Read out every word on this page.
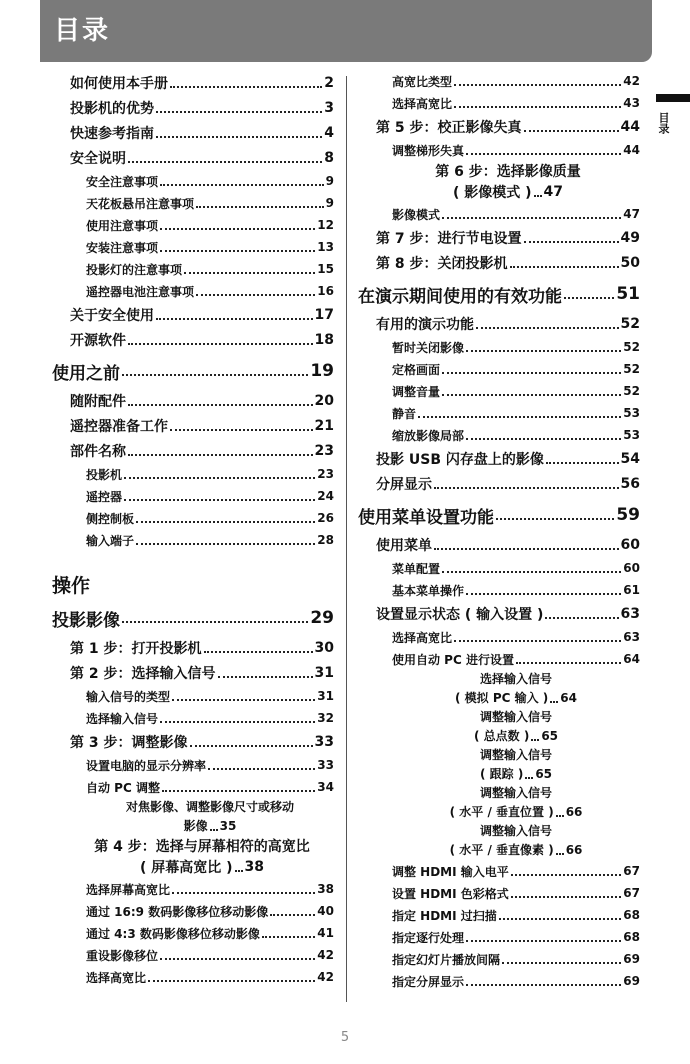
目录
目录
如何使用本手册	2
投影机的优势	3
快速参考指南	4
安全说明	8
安全注意事项	9
天花板悬吊注意事项	9
使用注意事项	12
安装注意事项	13
投影灯的注意事项	15
遥控器电池注意事项	16
关于安全使用	17
开源软件	18
使用之前	19
随附配件	20
遥控器准备工作	21
部件名称	23
投影机	23
遥控器	24
侧控制板	26
输入端子	28
操作
投影影像	29
第 1 步：打开投影机	30
第 2 步：选择输入信号	31
输入信号的类型	31
选择输入信号	32
第 3 步：调整影像	33
设置电脑的显示分辨率	33
自动 PC 调整	34
对焦影像、调整影像尺寸或移动
影像 35
第 4 步：选择与屏幕相符的高宽比
( 屏幕高宽比 ) 38
选择屏幕高宽比	38
通过 16:9 数码影像移位移动影像	40
通过 4:3 数码影像移位移动影像	41
重设影像移位	42
选择高宽比	42
高宽比类型	42
选择高宽比	43
第 5 步：校正影像失真	44
调整梯形失真	44
第 6 步：选择影像质量
( 影像模式 ) 47
影像模式	47
第 7 步：进行节电设置	49
第 8 步：关闭投影机	50
在演示期间使用的有效功能	51
有用的演示功能	52
暂时关闭影像	52
定格画面	52
调整音量	52
静音	53
缩放影像局部	53
投影 USB 闪存盘上的影像	54
分屏显示	56
使用菜单设置功能	59
使用菜单	60
菜单配置	60
基本菜单操作	61
设置显示状态 ( 输入设置 )	63
选择高宽比	63
使用自动 PC 进行设置	64
选择输入信号
( 模拟 PC 输入 ) 64
调整输入信号
( 总点数 ) 65
调整输入信号
( 跟踪 ) 65
调整输入信号
( 水平 / 垂直位置 ) 66
调整输入信号
( 水平 / 垂直像素 ) 66
调整 HDMI 输入电平	67
设置 HDMI 色彩格式	67
指定 HDMI 过扫描	68
指定逐行处理	68
指定幻灯片播放间隔	69
指定分屏显示	69
5
